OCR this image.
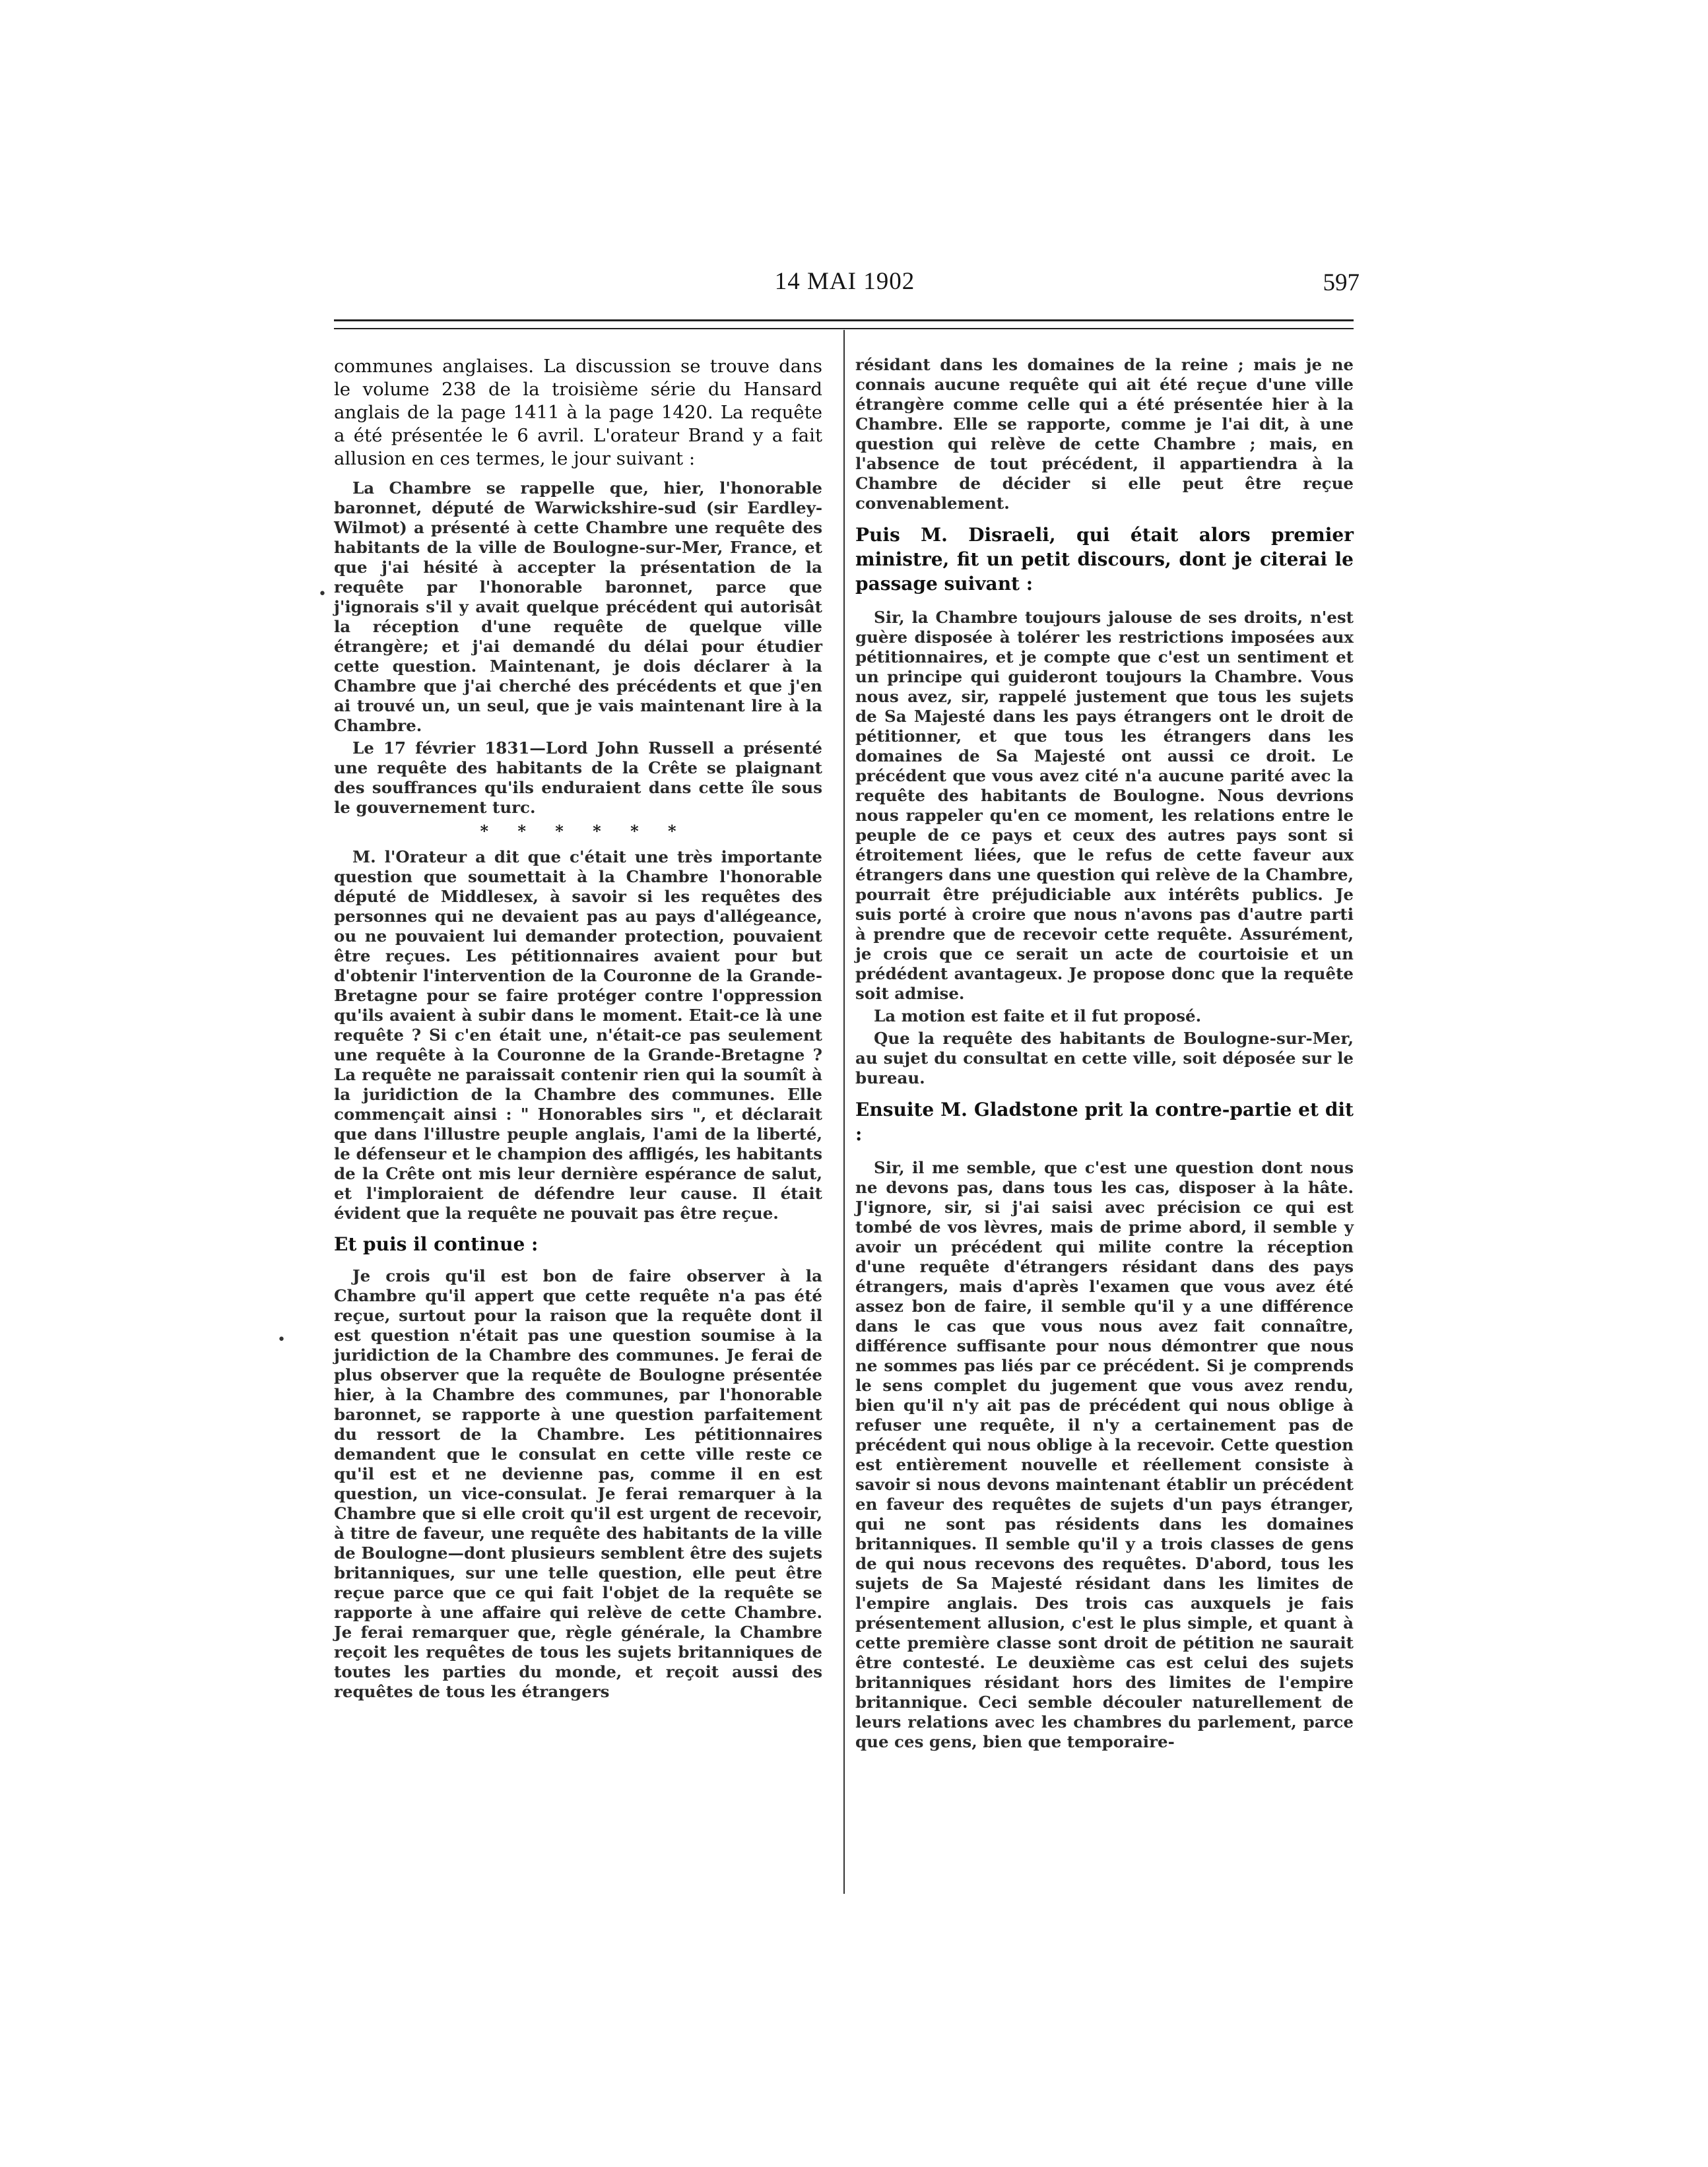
14 MAI 1902	597
•
•

communes anglaises. La discussion se trouve dans le volume 238 de la troisième série du Hansard anglais de la page 1411 à la page 1420. La requête a été présentée le 6 avril. L'orateur Brand y a fait allusion en ces termes, le jour suivant :

La Chambre se rappelle que, hier, l'honorable baronnet, député de Warwickshire-sud (sir Eardley-Wilmot) a présenté à cette Chambre une requête des habitants de la ville de Boulogne-sur-Mer, France, et que j'ai hésité à accepter la présentation de la requête par l'honorable baronnet, parce que j'ignorais s'il y avait quelque précédent qui autorisât la réception d'une requête de quelque ville étrangère; et j'ai demandé du délai pour étudier cette question. Maintenant, je dois déclarer à la Chambre que j'ai cherché des précédents et que j'en ai trouvé un, un seul, que je vais maintenant lire à la Chambre.

Le 17 février 1831—Lord John Russell a présenté une requête des habitants de la Crête se plaignant des souffrances qu'ils enduraient dans cette île sous le gouvernement turc.

* * * * * *

M. l'Orateur a dit que c'était une très importante question que soumettait à la Chambre l'honorable député de Middlesex, à savoir si les requêtes des personnes qui ne devaient pas au pays d'allégeance, ou ne pouvaient lui demander protection, pouvaient être reçues. Les pétitionnaires avaient pour but d'obtenir l'intervention de la Couronne de la Grande-Bretagne pour se faire protéger contre l'oppression qu'ils avaient à subir dans le moment. Etait-ce là une requête ? Si c'en était une, n'était-ce pas seulement une requête à la Couronne de la Grande-Bretagne ? La requête ne paraissait contenir rien qui la soumît à la juridiction de la Chambre des communes. Elle commençait ainsi : " Honorables sirs ", et déclarait que dans l'illustre peuple anglais, l'ami de la liberté, le défenseur et le champion des affligés, les habitants de la Crête ont mis leur dernière espérance de salut, et l'imploraient de défendre leur cause. Il était évident que la requête ne pouvait pas être reçue.

Et puis il continue :

Je crois qu'il est bon de faire observer à la Chambre qu'il appert que cette requête n'a pas été reçue, surtout pour la raison que la requête dont il est question n'était pas une question soumise à la juridiction de la Chambre des communes. Je ferai de plus observer que la requête de Boulogne présentée hier, à la Chambre des communes, par l'honorable baronnet, se rapporte à une question parfaitement du ressort de la Chambre. Les pétitionnaires demandent que le consulat en cette ville reste ce qu'il est et ne devienne pas, comme il en est question, un vice-consulat. Je ferai remarquer à la Chambre que si elle croit qu'il est urgent de recevoir, à titre de faveur, une requête des habitants de la ville de Boulogne—dont plusieurs semblent être des sujets britanniques, sur une telle question, elle peut être reçue parce que ce qui fait l'objet de la requête se rapporte à une affaire qui relève de cette Chambre. Je ferai remarquer que, règle générale, la Chambre reçoit les requêtes de tous les sujets britanniques de toutes les parties du monde, et reçoit aussi des requêtes de tous les étrangers

résidant dans les domaines de la reine ; mais je ne connais aucune requête qui ait été reçue d'une ville étrangère comme celle qui a été présentée hier à la Chambre. Elle se rapporte, comme je l'ai dit, à une question qui relève de cette Chambre ; mais, en l'absence de tout précédent, il appartiendra à la Chambre de décider si elle peut être reçue convenablement.

Puis M. Disraeli, qui était alors premier ministre, fit un petit discours, dont je citerai le passage suivant :

Sir, la Chambre toujours jalouse de ses droits, n'est guère disposée à tolérer les restrictions imposées aux pétitionnaires, et je compte que c'est un sentiment et un principe qui guideront toujours la Chambre. Vous nous avez, sir, rappelé justement que tous les sujets de Sa Majesté dans les pays étrangers ont le droit de pétitionner, et que tous les étrangers dans les domaines de Sa Majesté ont aussi ce droit. Le précédent que vous avez cité n'a aucune parité avec la requête des habitants de Boulogne. Nous devrions nous rappeler qu'en ce moment, les relations entre le peuple de ce pays et ceux des autres pays sont si étroitement liées, que le refus de cette faveur aux étrangers dans une question qui relève de la Chambre, pourrait être préjudiciable aux intérêts publics. Je suis porté à croire que nous n'avons pas d'autre parti à prendre que de recevoir cette requête. Assurément, je crois que ce serait un acte de courtoisie et un prédédent avantageux. Je propose donc que la requête soit admise.

La motion est faite et il fut proposé.

Que la requête des habitants de Boulogne-sur-Mer, au sujet du consultat en cette ville, soit déposée sur le bureau.

Ensuite M. Gladstone prit la contre-partie et dit :

Sir, il me semble, que c'est une question dont nous ne devons pas, dans tous les cas, disposer à la hâte. J'ignore, sir, si j'ai saisi avec précision ce qui est tombé de vos lèvres, mais de prime abord, il semble y avoir un précédent qui milite contre la réception d'une requête d'étrangers résidant dans des pays étrangers, mais d'après l'examen que vous avez été assez bon de faire, il semble qu'il y a une différence dans le cas que vous nous avez fait connaître, différence suffisante pour nous démontrer que nous ne sommes pas liés par ce précédent. Si je comprends le sens complet du jugement que vous avez rendu, bien qu'il n'y ait pas de précédent qui nous oblige à refuser une requête, il n'y a certainement pas de précédent qui nous oblige à la recevoir. Cette question est entièrement nouvelle et réellement consiste à savoir si nous devons maintenant établir un précédent en faveur des requêtes de sujets d'un pays étranger, qui ne sont pas résidents dans les domaines britanniques. Il semble qu'il y a trois classes de gens de qui nous recevons des requêtes. D'abord, tous les sujets de Sa Majesté résidant dans les limites de l'empire anglais. Des trois cas auxquels je fais présentement allusion, c'est le plus simple, et quant à cette première classe sont droit de pétition ne saurait être contesté. Le deuxième cas est celui des sujets britanniques résidant hors des limites de l'empire britannique. Ceci semble découler naturellement de leurs relations avec les chambres du parlement, parce que ces gens, bien que temporaire-
